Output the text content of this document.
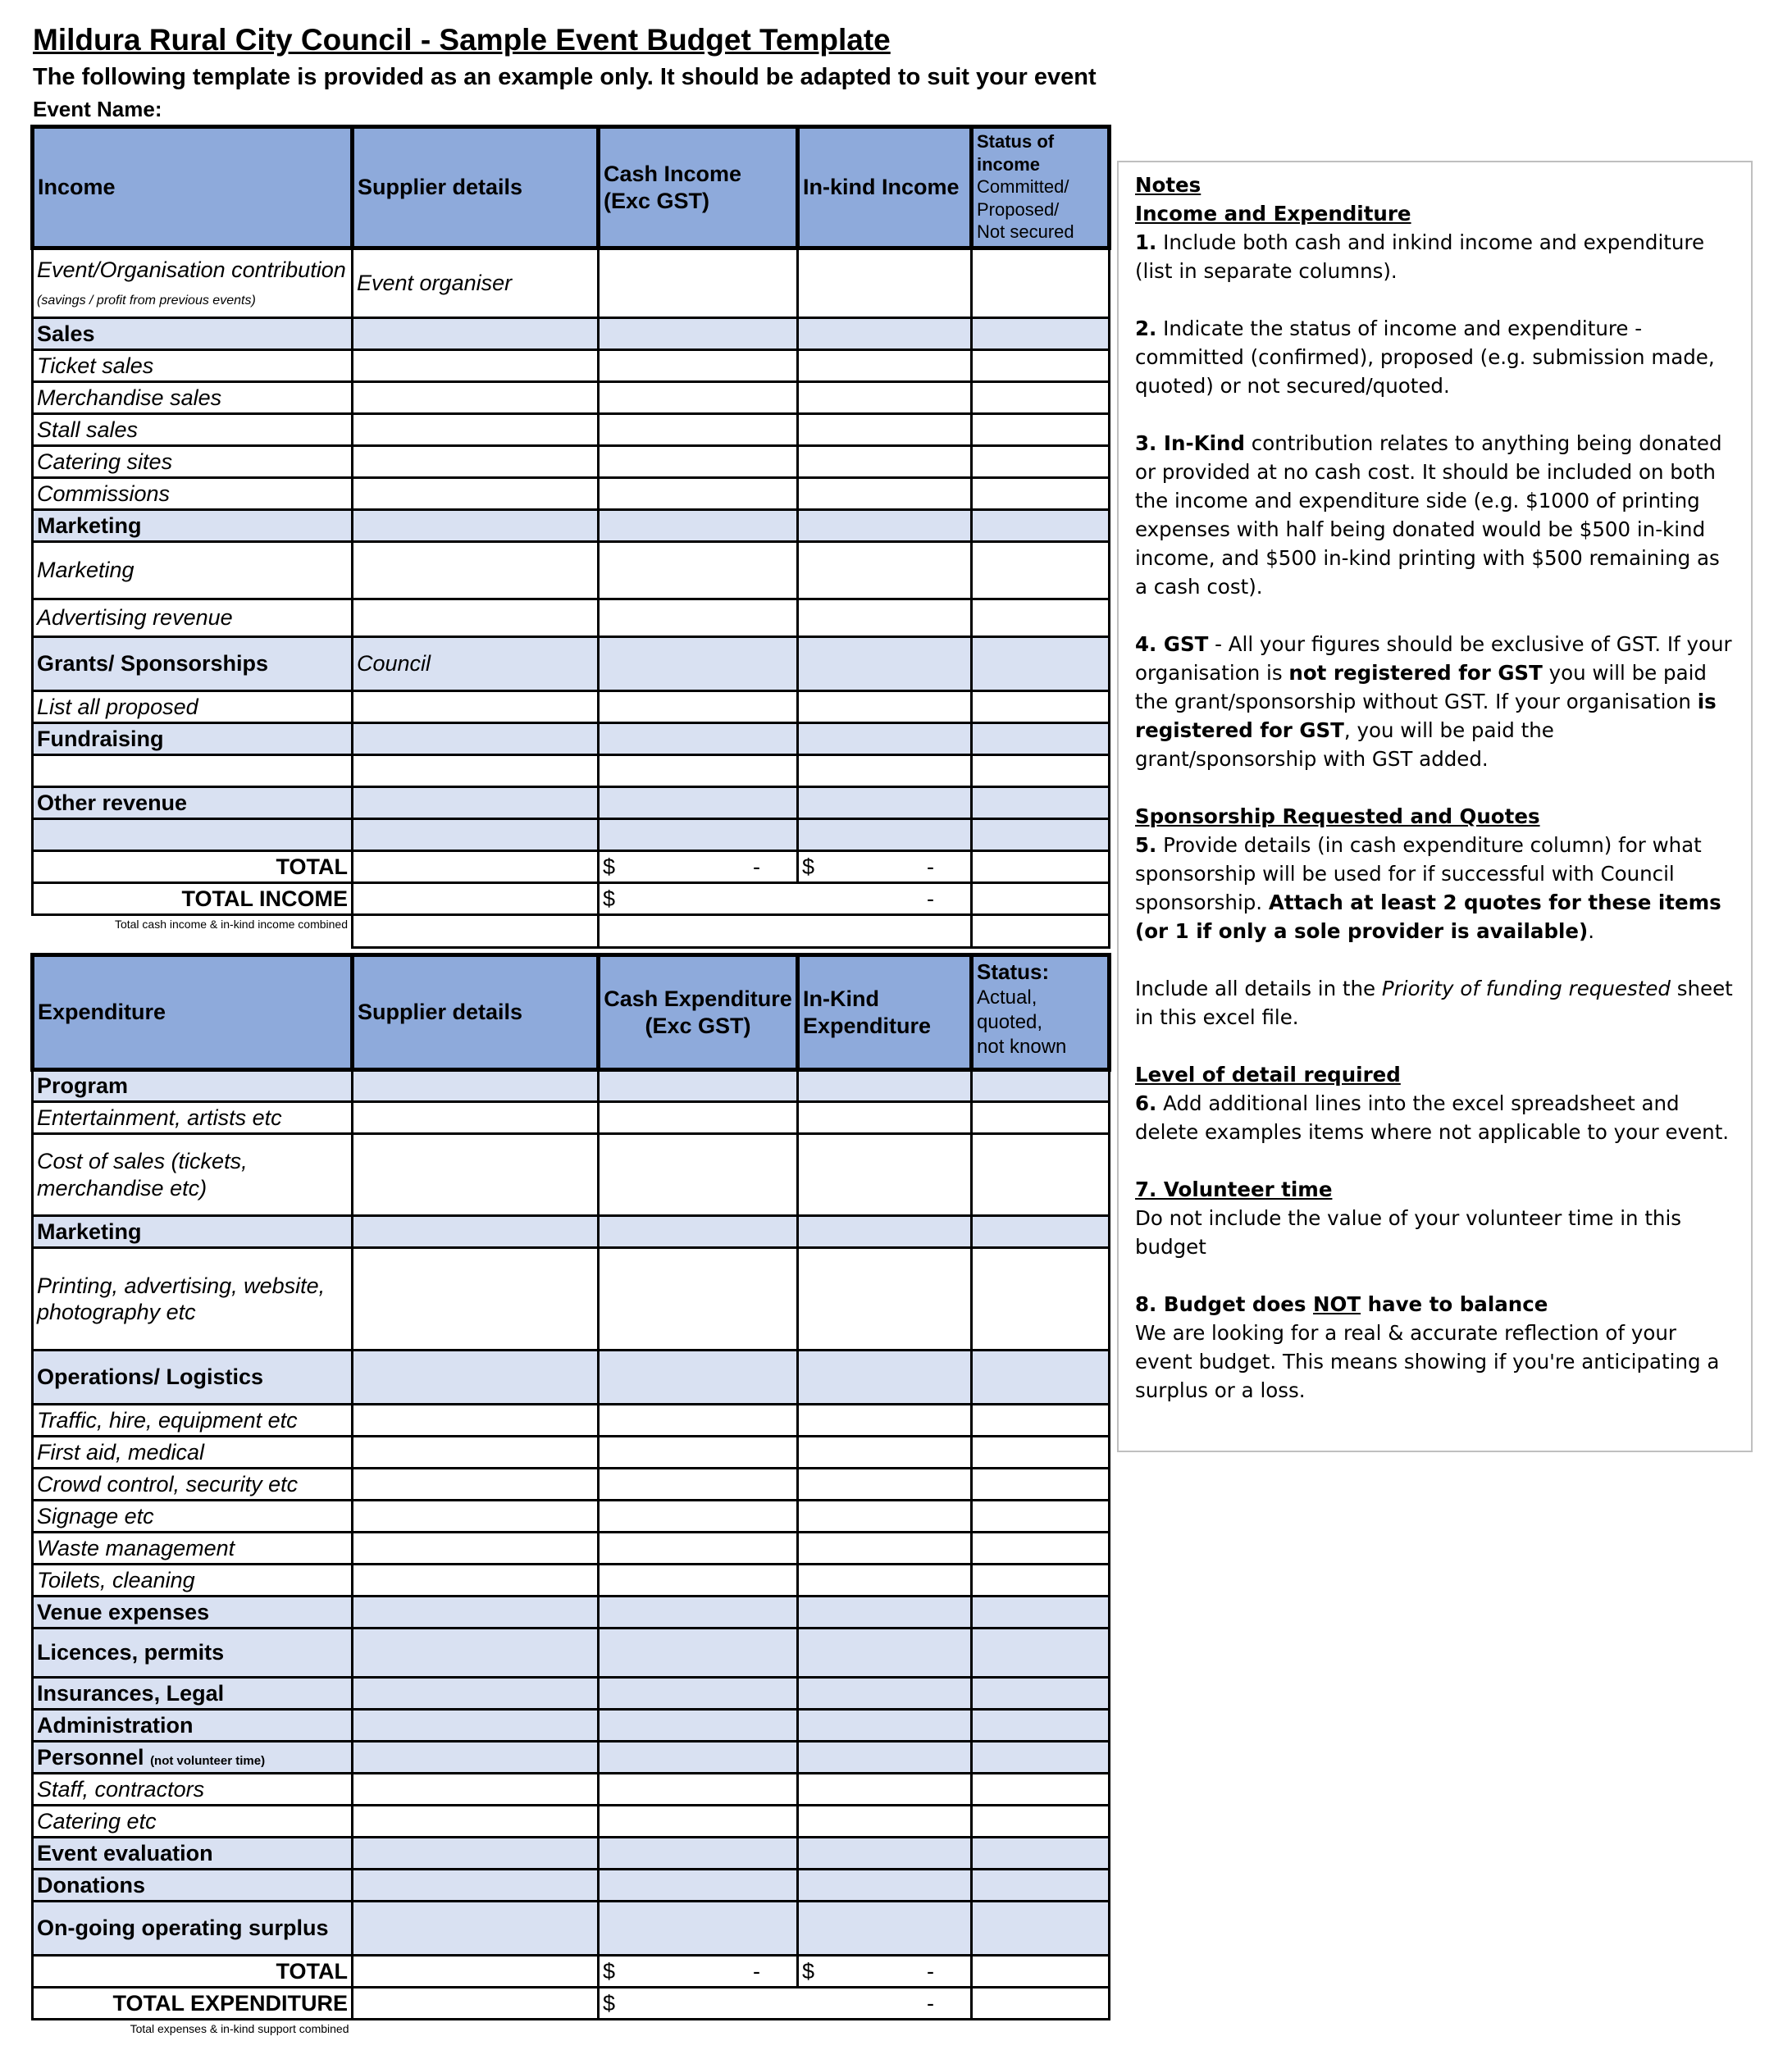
Mildura Rural City Council - Sample Event Budget Template
The following template is provided as an example only. It should be adapted to suit your event
Event Name:
Income	Supplier details	Cash Income (Exc GST)	In-kind Income	Status of
income
Committed/
Proposed/
Not secured
Event/Organisation contribution
(savings / profit from previous events)	Event organiser			
Sales				
Ticket sales				
Merchandise sales				
Stall sales				
Catering sites				
Commissions				
Marketing				
Marketing				
Advertising revenue				
Grants/ Sponsorships	Council			
List all proposed				
Fundraising				

Other revenue				

TOTAL		$ -	$ -	

TOTAL INCOME		$ -		

Total cash income & in-kind income combined				
Expenditure	Supplier details	Cash Expenditure (Exc GST)	In-Kind Expenditure	Status:
Actual,
quoted,
not known
Program				
Entertainment, artists etc				
Cost of sales (tickets, merchandise etc)				
Marketing				
Printing, advertising, website, photography etc				
Operations/ Logistics				
Traffic, hire, equipment etc				
First aid, medical				
Crowd control, security etc				
Signage etc				
Waste management				
Toilets, cleaning				
Venue expenses				
Licences, permits				
Insurances, Legal				
Administration				
Personnel (not volunteer time)				
Staff, contractors				
Catering etc				
Event evaluation				
Donations				
On-going operating surplus				
TOTAL		$ -	$ -	

TOTAL EXPENDITURE		$ -		

Total expenses & in-kind support combined				

Notes

Income and Expenditure

1. Include both cash and inkind income and expenditure (list in separate columns).

2. Indicate the status of income and expenditure - committed (confirmed), proposed (e.g. submission made, quoted) or not secured/quoted.

3. In-Kind contribution relates to anything being donated or provided at no cash cost. It should be included on both the income and expenditure side (e.g. $1000 of printing expenses with half being donated would be $500 in-kind income, and $500 in-kind printing with $500 remaining as a cash cost).

4. GST - All your figures should be exclusive of GST. If your organisation is not registered for GST you will be paid the grant/sponsorship without GST. If your organisation is registered for GST, you will be paid the grant/sponsorship with GST added.

Sponsorship Requested and Quotes

5. Provide details (in cash expenditure column) for what sponsorship will be used for if successful with Council sponsorship. Attach at least 2 quotes for these items (or 1 if only a sole provider is available).

Include all details in the Priority of funding requested sheet in this excel file.

Level of detail required

6. Add additional lines into the excel spreadsheet and delete examples items where not applicable to your event.

7. Volunteer time

Do not include the value of your volunteer time in this budget

8. Budget does NOT have to balance

We are looking for a real & accurate reflection of your event budget. This means showing if you're anticipating a surplus or a loss.
